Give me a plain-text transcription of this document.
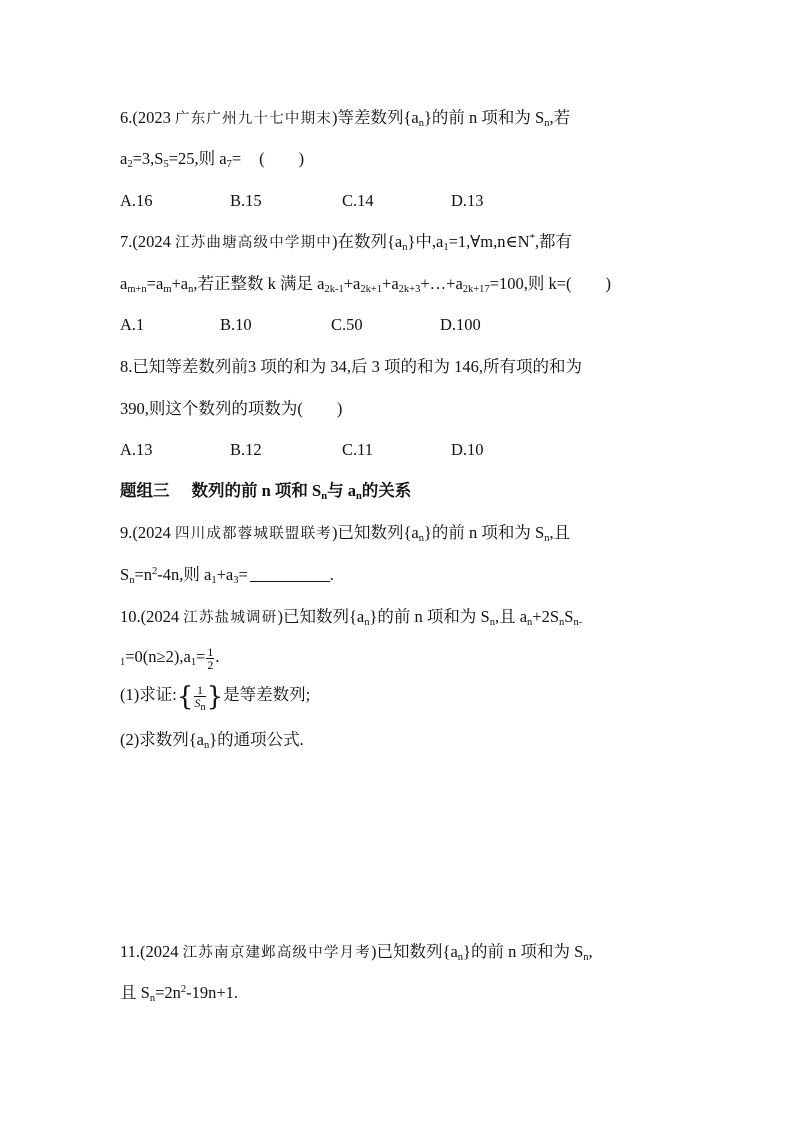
6.(2023 广东广州九十七中期末)等差数列$\{a_n\}$的前 n 项和为 $S_n$,若
$a_2=3,S_5=25$,则 $a_7=$ ( )
A.16	B.15	C.14	D.13
7.(2024 江苏曲塘高级中学期中)在数列$\{a_n\}$中$,a_1=1,\forall m,n\in N^*$,都有
$a_{m+n}=a_m+a_n$,若正整数 k 满足 $a_{2k-1}+a_{2k+1}+a_{2k+3}+\dots+a_{2k+17}=100$,则 k=( )
A.1	B.10	C.50	D.100
8.已知等差数列前3 项的和为 34,后 3 项的和为 146,所有项的和为
390,则这个数列的项数为( )
A.13	B.12	C.11	D.10
题组三 数列的前 n 项和 $S_n$与 $a_n$的关系
9.(2024 四川成都蓉城联盟联考)已知数列$\{a_n\}$的前 n 项和为 $S_n$,且
$S_n=n^2-4n$,则 $a_1+a_3=$	.
10.(2024 江苏盐城调研)已知数列$\{a_n\}$的前 n 项和为 $S_n$,且 $a_n+2S_nS_{n-}$
$_1=0(n\ge 2),a_1= \frac{1}{2}$ .
(1)求证:{ $\frac{1}{S_n}$ }是等差数列;
(2)求数列$\{a_n\}$的通项公式.
11.(2024 江苏南京建邺高级中学月考)已知数列$\{a_n\}$的前 n 项和为 $S_n$,
且 $S_n=2n^2-19n+1$.
